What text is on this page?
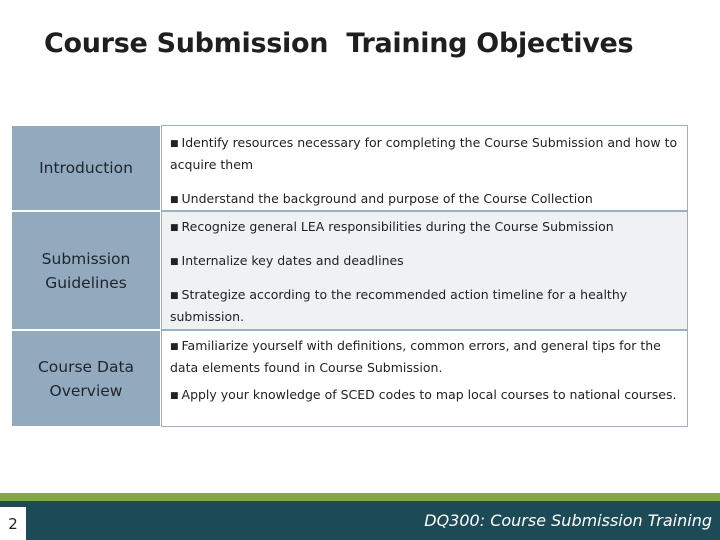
Course Submission  Training Objectives
Introduction
■ Identify resources necessary for completing the Course Submission and how to acquire them
■ Understand the background and purpose of the Course Collection
Submission Guidelines
■ Recognize general LEA responsibilities during the Course Submission
■ Internalize key dates and deadlines
■ Strategize according to the recommended action timeline for a healthy submission.
Course Data Overview
■ Familiarize yourself with definitions, common errors, and general tips for the data elements found in Course Submission.
■ Apply your knowledge of SCED codes to map local courses to national courses.
2	DQ300: Course Submission Training
